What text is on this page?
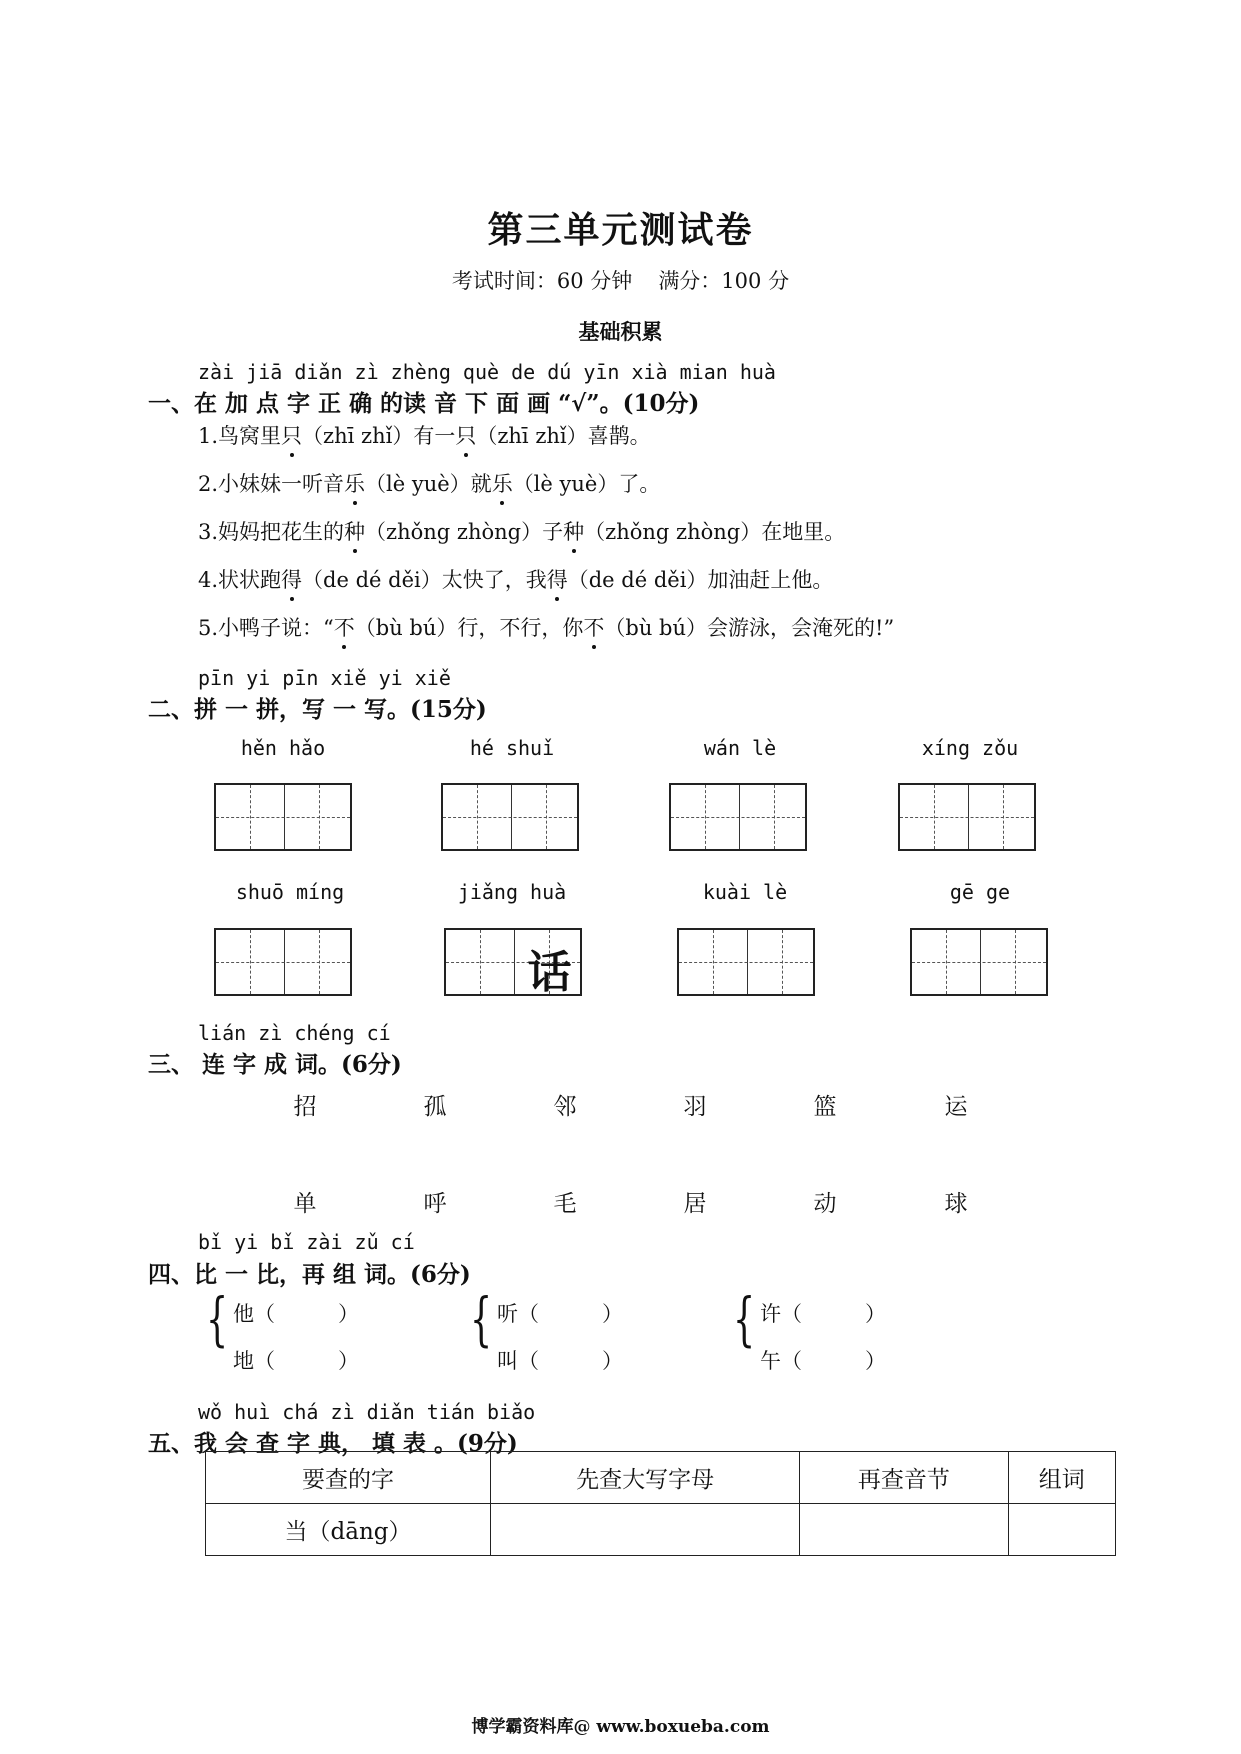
第三单元测试卷
考试时间：60 分钟 满分：100 分
基础积累
zài jiā diǎn zì zhèng què de dú yīn xià mian huà
一、在 加 点 字 正 确 的读 音 下 面 画 “√”。(10分)
1.鸟窝里只（zhī zhǐ）有一只（zhī zhǐ）喜鹊。
2.小妹妹一听音乐（lè yuè）就乐（lè yuè）了。
3.妈妈把花生的种（zhǒng zhòng）子种（zhǒng zhòng）在地里。
4.状状跑得（de dé děi）太快了，我得（de dé děi）加油赶上他。
5.小鸭子说：“不（bù bú）行，不行，你不（bù bú）会游泳，会淹死的!”
pīn yi pīn xiě yi xiě
二、拼 一 拼，写 一 写。(15分)
hěn hǎo	hé shuǐ	wán lè	xíng zǒu
shuō míng	jiǎng huà	kuài lè	gē ge
话
lián zì chéng cí
三、 连 字 成 词。(6分)
招	孤	邻	羽	篮	运
单	呼	毛	居	动	球
bǐ yi bǐ zài zǔ cí
四、比 一 比，再 组 词。(6分)
{ 他（　　　）
地（　　　）
{ 听（　　　）
叫（　　　）
{ 许（　　　）
午（　　　）
wǒ huì chá zì diǎn tián biǎo
五、我 会 查 字 典， 填 表 。(9分)
要查的字	先查大写字母	再查音节	组词
当（dāng）			
博学霸资料库@ www.boxueba.com
